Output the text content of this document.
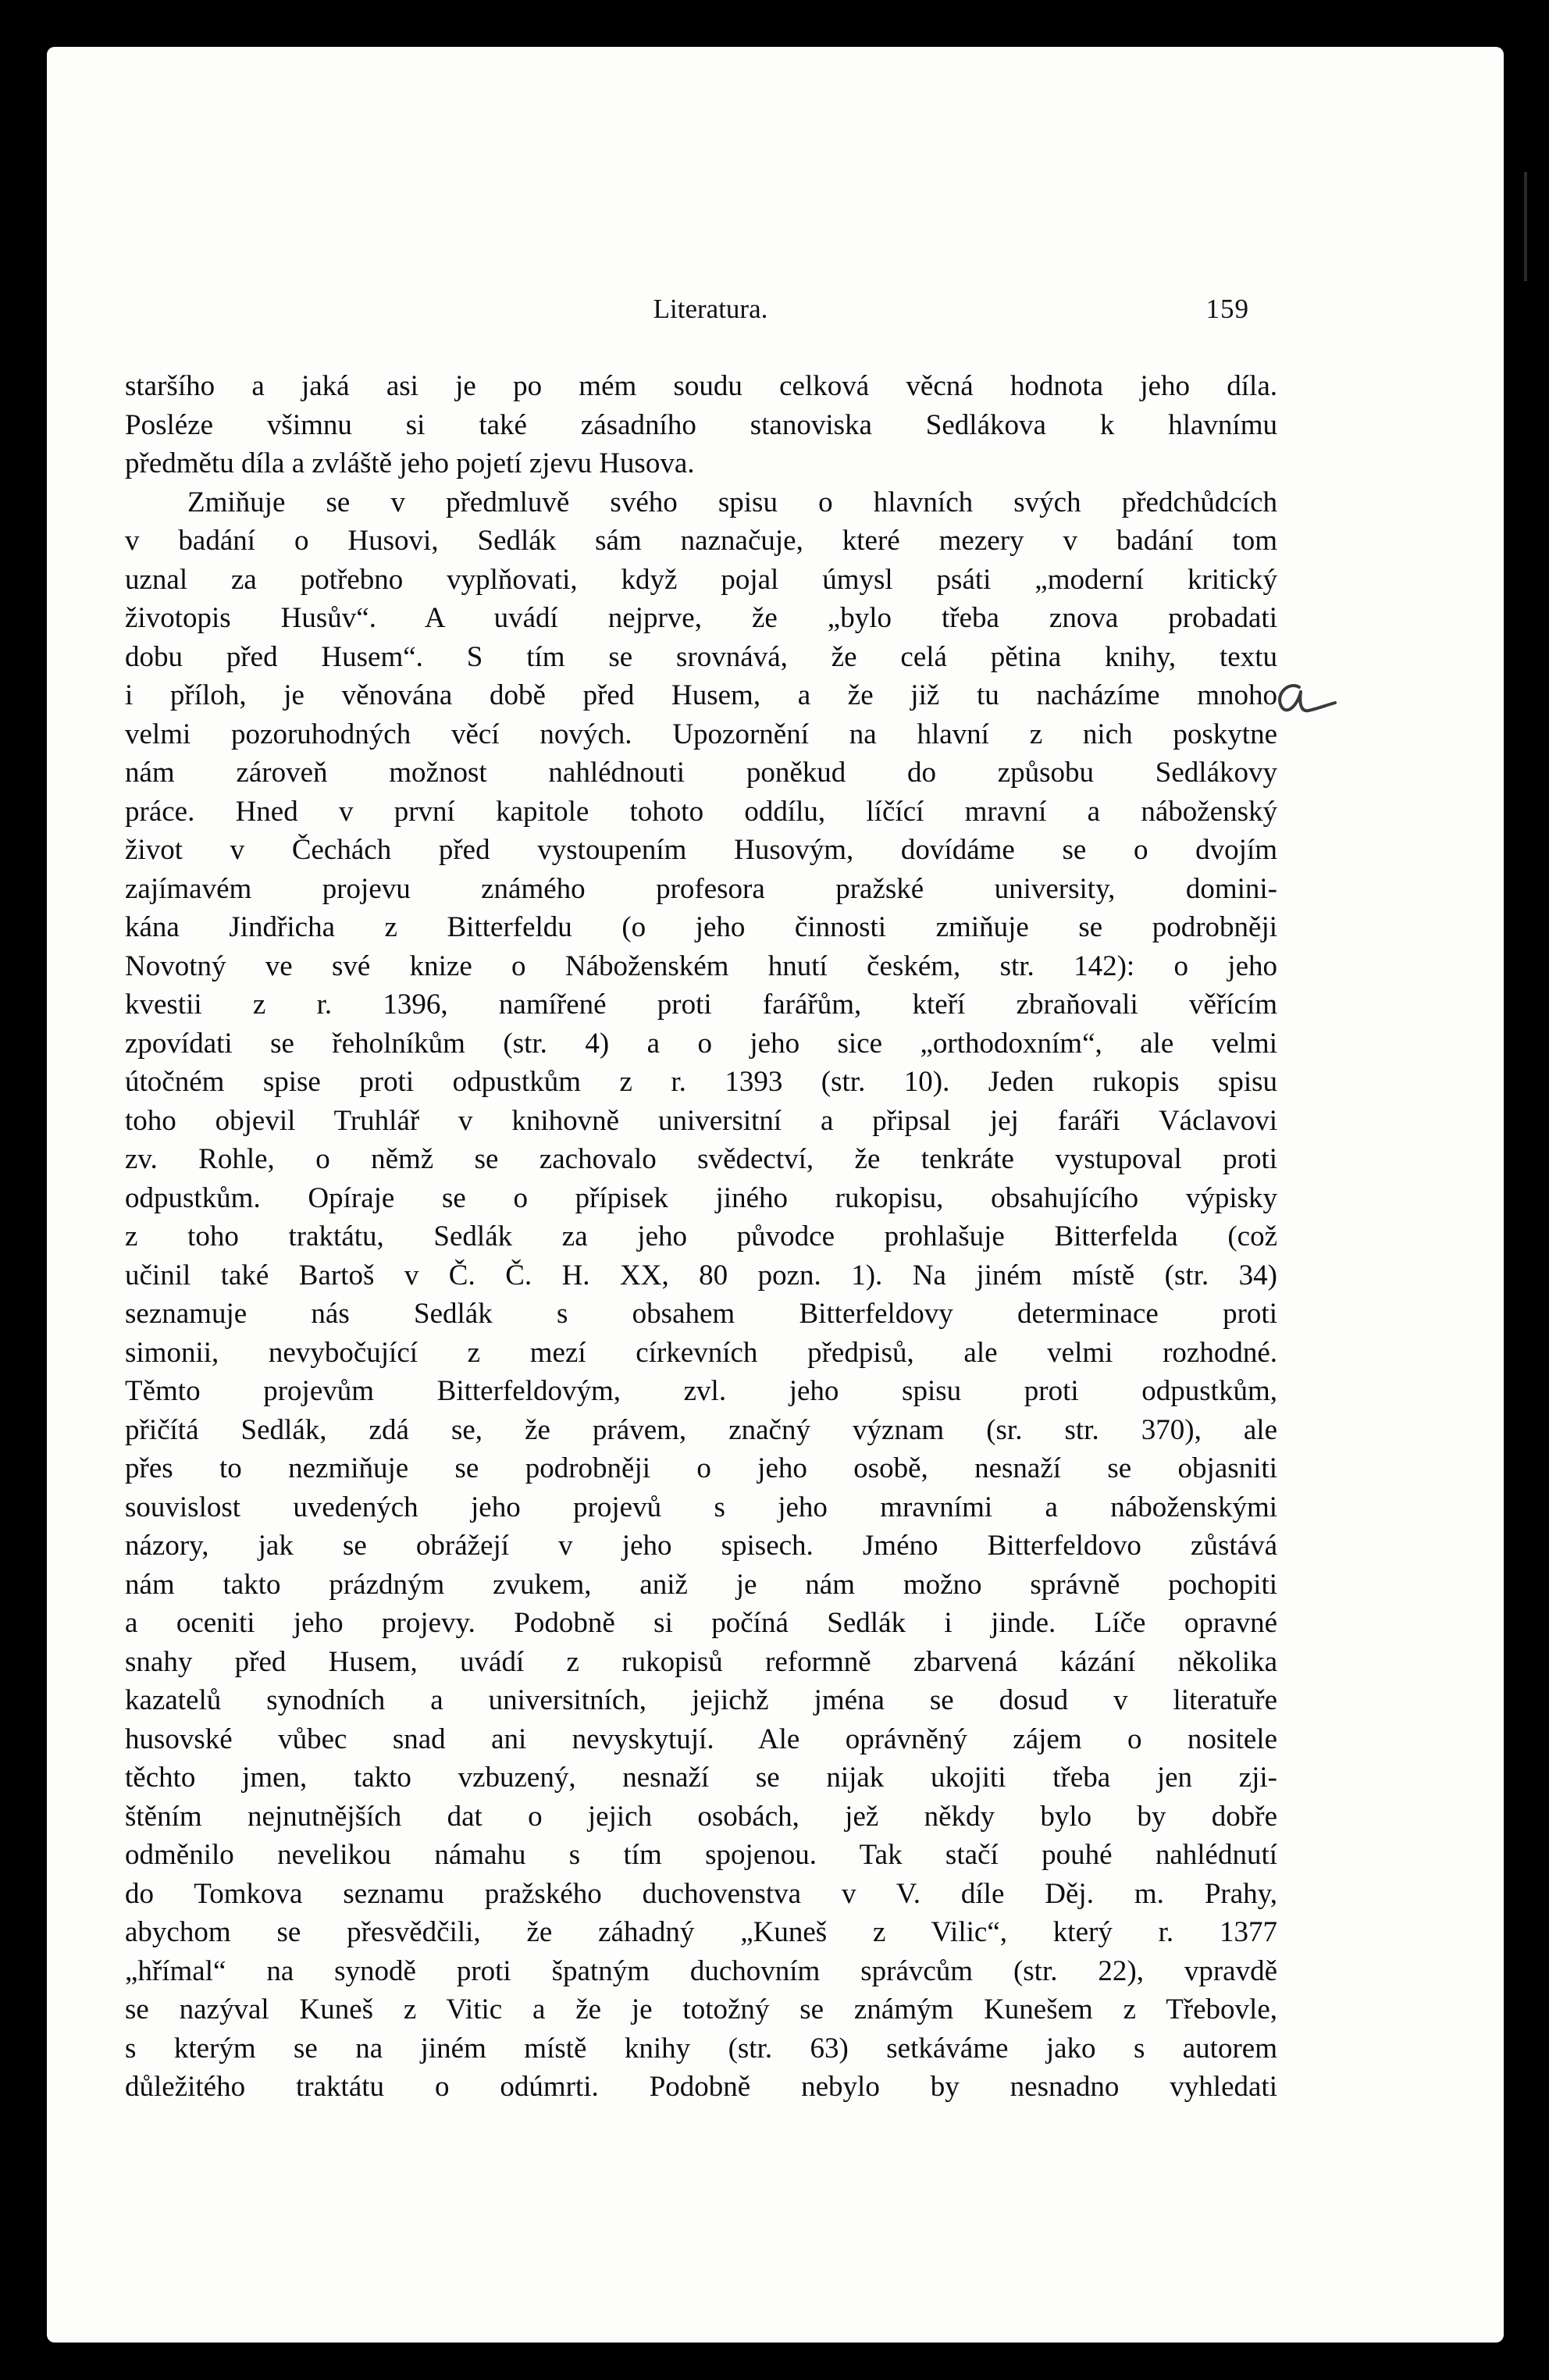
Literatura.	159
staršího a jaká asi je po mém soudu celková věcná hodnota jeho díla.
Posléze všimnu si také zásadního stanoviska Sedlákova k hlavnímu
předmětu díla a zvláště jeho pojetí zjevu Husova.
Zmiňuje se v předmluvě svého spisu o hlavních svých předchůdcích
v badání o Husovi, Sedlák sám naznačuje, které mezery v badání tom
uznal za potřebno vyplňovati, když pojal úmysl psáti „moderní kritický
životopis Husův“. A uvádí nejprve, že „bylo třeba znova probadati
dobu před Husem“. S tím se srovnává, že celá pětina knihy, textu
i příloh, je věnována době před Husem, a že již tu nacházíme mnoho
velmi pozoruhodných věcí nových. Upozornění na hlavní z nich poskytne
nám zároveň možnost nahlédnouti poněkud do způsobu Sedlákovy
práce. Hned v první kapitole tohoto oddílu, líčící mravní a náboženský
život v Čechách před vystoupením Husovým, dovídáme se o dvojím
zajímavém projevu známého profesora pražské university, domini-
kána Jindřicha z Bitterfeldu (o jeho činnosti zmiňuje se podrobněji
Novotný ve své knize o Náboženském hnutí českém, str. 142): o jeho
kvestii z r. 1396, namířené proti farářům, kteří zbraňovali věřícím
zpovídati se řeholníkům (str. 4) a o jeho sice „orthodoxním“, ale velmi
útočném spise proti odpustkům z r. 1393 (str. 10). Jeden rukopis spisu
toho objevil Truhlář v knihovně universitní a připsal jej faráři Václavovi
zv. Rohle, o němž se zachovalo svědectví, že tenkráte vystupoval proti
odpustkům. Opíraje se o přípisek jiného rukopisu, obsahujícího výpisky
z toho traktátu, Sedlák za jeho původce prohlašuje Bitterfelda (což
učinil také Bartoš v Č. Č. H. XX, 80 pozn. 1). Na jiném místě (str. 34)
seznamuje nás Sedlák s obsahem Bitterfeldovy determinace proti
simonii, nevybočující z mezí církevních předpisů, ale velmi rozhodné.
Těmto projevům Bitterfeldovým, zvl. jeho spisu proti odpustkům,
přičítá Sedlák, zdá se, že právem, značný význam (sr. str. 370), ale
přes to nezmiňuje se podrobněji o jeho osobě, nesnaží se objasniti
souvislost uvedených jeho projevů s jeho mravními a náboženskými
názory, jak se obrážejí v jeho spisech. Jméno Bitterfeldovo zůstává
nám takto prázdným zvukem, aniž je nám možno správně pochopiti
a oceniti jeho projevy. Podobně si počíná Sedlák i jinde. Líče opravné
snahy před Husem, uvádí z rukopisů reformně zbarvená kázání několika
kazatelů synodních a universitních, jejichž jména se dosud v literatuře
husovské vůbec snad ani nevyskytují. Ale oprávněný zájem o nositele
těchto jmen, takto vzbuzený, nesnaží se nijak ukojiti třeba jen zji-
štěním nejnutnějších dat o jejich osobách, jež někdy bylo by dobře
odměnilo nevelikou námahu s tím spojenou. Tak stačí pouhé nahlédnutí
do Tomkova seznamu pražského duchovenstva v V. díle Děj. m. Prahy,
abychom se přesvědčili, že záhadný „Kuneš z Vilic“, který r. 1377
„hřímal“ na synodě proti špatným duchovním správcům (str. 22), vpravdě
se nazýval Kuneš z Vitic a že je totožný se známým Kunešem z Třebovle,
s kterým se na jiném místě knihy (str. 63) setkáváme jako s autorem
důležitého traktátu o odúmrti. Podobně nebylo by nesnadno vyhledati
